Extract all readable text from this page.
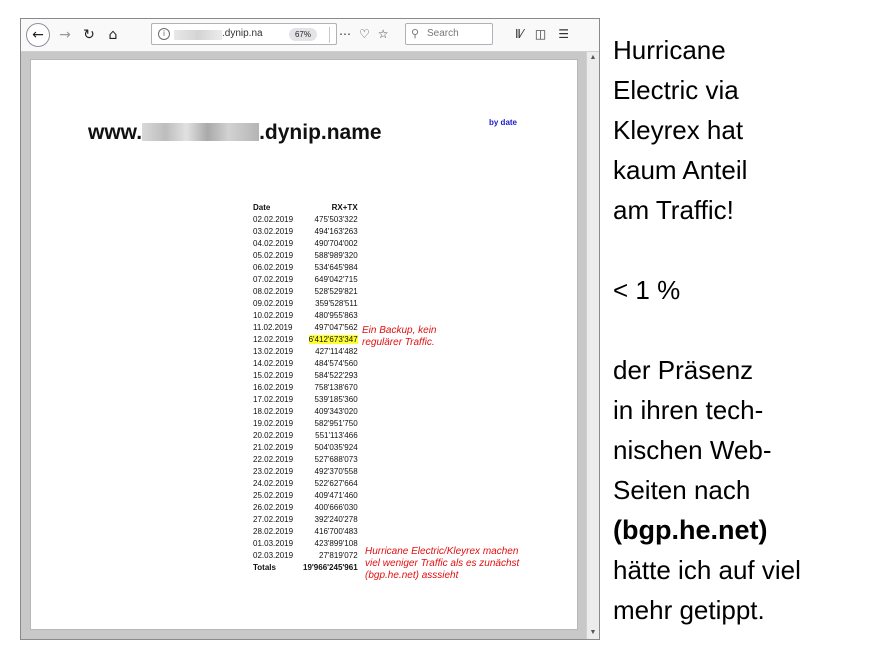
←	→ ↻ ⌂	i	.dynip.na	67%	⋯ ♡ ☆ ⚲ Search	Ⅱ⁄ ◫ ☰
www.	.dynip.name	by date
Date	RX+TX
02.02.2019	475'503'322
03.02.2019	494'163'263
04.02.2019	490'704'002
05.02.2019	588'989'320
06.02.2019	534'645'984
07.02.2019	649'042'715
08.02.2019	528'529'821
09.02.2019	359'528'511
10.02.2019	480'955'863
11.02.2019	497'047'562
12.02.2019	6'412'673'347
13.02.2019	427'114'482
14.02.2019	484'574'560
15.02.2019	584'522'293
16.02.2019	758'138'670
17.02.2019	539'185'360
18.02.2019	409'343'020
19.02.2019	582'951'750
20.02.2019	551'113'466
21.02.2019	504'035'924
22.02.2019	527'688'073
23.02.2019	492'370'558
24.02.2019	522'627'664
25.02.2019	409'471'460
26.02.2019	400'666'030
27.02.2019	392'240'278
28.02.2019	416'700'483
01.03.2019	423'899'108
02.03.2019	27'819'072
Totals	19'966'245'961
Ein Backup, kein
regulärer Traffic.
Hurricane Electric/Kleyrex machen
viel weniger Traffic als es zunächst
(bgp.he.net) asssieht
▲
▼
Hurricane
Electric via
Kleyrex hat
kaum Anteil
am Traffic!
< 1 %
der Präsenz
in ihren tech-
nischen Web-
Seiten nach
(bgp.he.net)
hätte ich auf viel
mehr getippt.
